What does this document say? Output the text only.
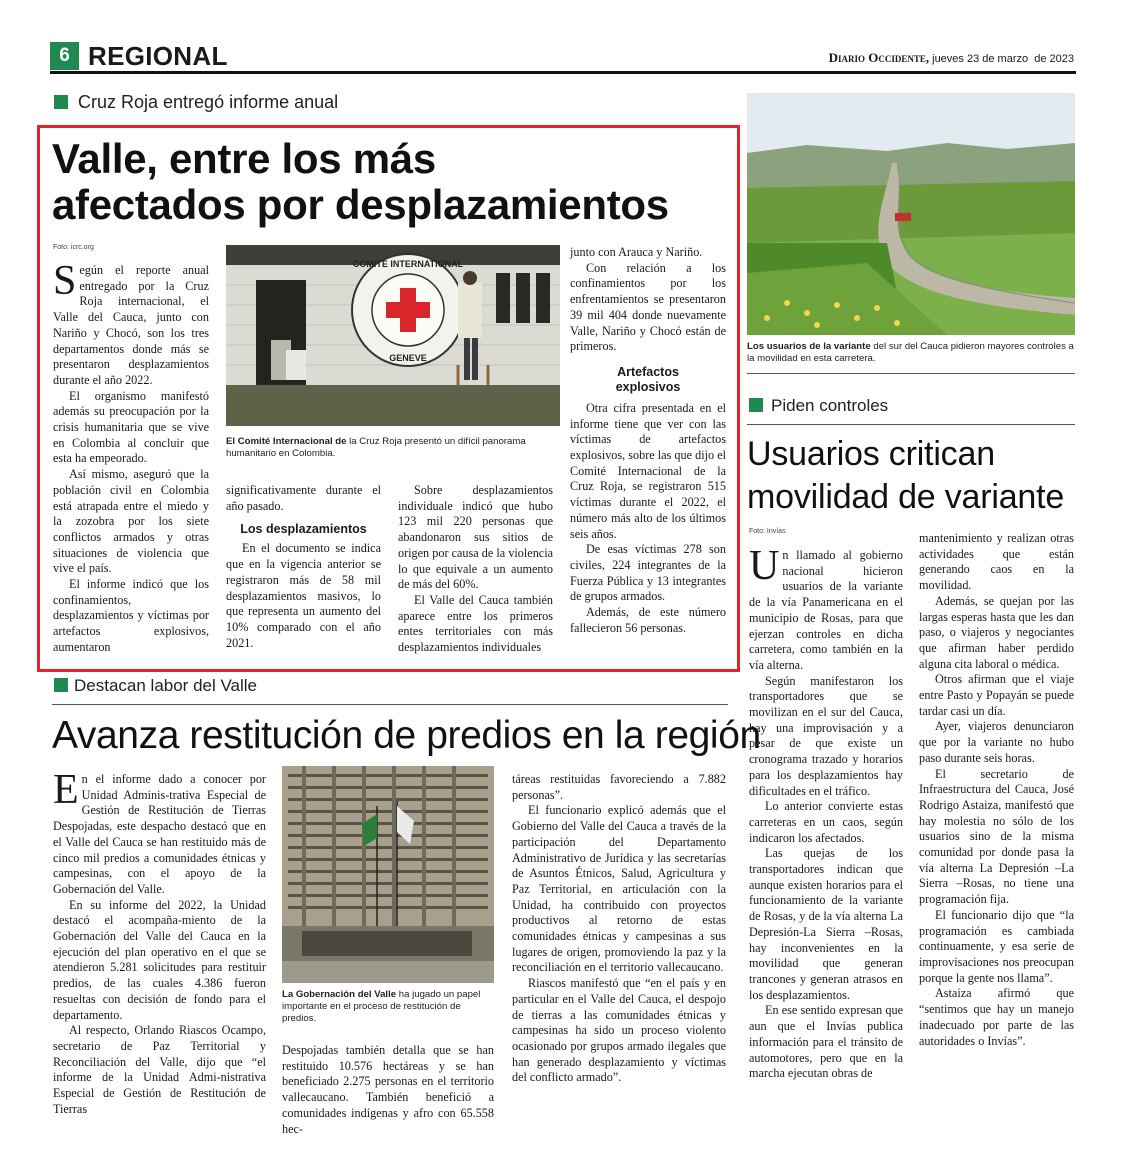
6 REGIONAL	Diario Occidente, jueves 23 de marzo  de 2023
Cruz Roja entregó informe anual
Valle, entre los más
afectados por desplazamientos
Foto: icrc.org
COMITÉ INTERNATIONAL
GENEVE
El Comité Internacional de la Cruz Roja presentó un difícil panorama humanitario en Colombia.

Según el reporte anual entregado por la Cruz Roja internacional, el Valle del Cauca, junto con Nariño y Chocó, son los tres departamentos donde más se presentaron desplazamientos durante el año 2022.

El organismo manifestó además su preocupación por la crisis humanitaria que se vive en Colombia al concluir que esta ha empeorado.

Así mismo, aseguró que la población civil en Colombia está atrapada entre el miedo y la zozobra por los siete conflictos armados y otras situaciones de violencia que vive el país.

El informe indicó que los confinamientos, desplazamientos y víctimas por artefactos explosivos, aumentaron

significativamente durante el año pasado.

Los desplazamientos

En el documento se indica que en la vigencia anterior se registraron más de 58 mil desplazamientos masivos, lo que representa un aumento del 10% comparado con el año 2021.

Sobre desplazamientos individuale indicó que hubo 123 mil 220 personas que abandonaron sus sitios de origen por causa de la violencia lo que equivale a un aumento de más del 60%.

El Valle del Cauca también aparece entre los primeros entes territoriales con más desplazamientos individuales

junto con Arauca y Nariño.

Con relación a los confinamientos por los enfrentamientos se presentaron 39 mil 404 donde nuevamente Valle, Nariño y Chocó están de primeros.

Artefactos
explosivos

Otra cifra presentada en el informe tiene que ver con las víctimas de artefactos explosivos, sobre las que dijo el Comité Internacional de la Cruz Roja, se registraron 515 víctimas durante el 2022, el número más alto de los últimos seis años.

De esas víctimas 278 son civiles, 224 integrantes de la Fuerza Pública y 13 integrantes de grupos armados.

Además, de este número fallecieron 56 personas.

Destacan labor del Valle
Avanza restitución de predios en la región
La Gobernación del Valle ha jugado un papel importante en el proceso de restitución de predios.

En el informe dado a conocer por Unidad Adminis-trativa Especial de Gestión de Restitución de Tierras Despojadas, este despacho destacó que en el Valle del Cauca se han restituido más de cinco mil predios a comunidades étnicas y campesinas, con el apoyo de la Gobernación del Valle.

En su informe del 2022, la Unidad destacó el acompaña-miento de la Gobernación del Valle del Cauca en la ejecución del plan operativo en el que se atendieron 5.281 solicitudes para restituir predios, de las cuales 4.386 fueron resueltas con decisión de fondo para el departamento.

Al respecto, Orlando Riascos Ocampo, secretario de Paz Territorial y Reconciliación del Valle, dijo que “el informe de la Unidad Admi-nistrativa Especial de Gestión de Restitución de Tierras

Despojadas también detalla que se han restituido 10.576 hectáreas y se han beneficiado 2.275 personas en el territorio vallecaucano. También benefició a comunidades indígenas y afro con 65.558 hec-

táreas restituidas favoreciendo a 7.882 personas”.

El funcionario explicó además que el Gobierno del Valle del Cauca a través de la participación del Departamento Administrativo de Jurídica y las secretarías de Asuntos Étnicos, Salud, Agricultura y Paz Territorial, en articulación con la Unidad, ha contribuido con proyectos productivos al retorno de estas comunidades étnicas y campesinas a sus lugares de origen, promoviendo la paz y la reconciliación en el territorio vallecaucano.

Riascos manifestó que “en el país y en particular en el Valle del Cauca, el despojo de tierras a las comunidades étnicas y campesinas ha sido un proceso violento ocasionado por grupos armado ilegales que han generado desplazamiento y víctimas del conflicto armado”.

Los usuarios de la variante del sur del Cauca pidieron mayores controles a la movilidad en esta carretera.
Piden controles
Usuarios critican
movilidad de variante
Foto: Invías

Un llamado al gobierno nacional hicieron usuarios de la variante de la vía Panamericana en el municipio de Rosas, para que ejerzan controles en dicha carretera, como también en la vía alterna.

Según manifestaron los transportadores que se movilizan en el sur del Cauca, hay una improvisación y a pesar de que existe un cronograma trazado y horarios para los desplazamientos hay dificultades en el tráfico.

Lo anterior convierte estas carreteras en un caos, según indicaron los afectados.

Las quejas de los transportadores indican que aunque existen horarios para el funcionamiento de la variante de Rosas, y de la vía alterna La Depresión-La Sierra –Rosas, hay inconvenientes en la movilidad que generan trancones y generan atrasos en los desplazamientos.

En ese sentido expresan que aun que el Invías publica información para el tránsito de automotores, pero que en la marcha ejecutan obras de

mantenimiento y realizan otras actividades que están generando caos en la movilidad.

Además, se quejan por las largas esperas hasta que les dan paso, o viajeros y negociantes que afirman haber perdido alguna cita laboral o médica.

Otros afirman que el viaje entre Pasto y Popayán se puede tardar casi un día.

Ayer, viajeros denunciaron que por la variante no hubo paso durante seis horas.

El secretario de Infraestructura del Cauca, José Rodrigo Astaiza, manifestó que hay molestia no sólo de los usuarios sino de la misma comunidad por donde pasa la vía alterna La Depresión –La Sierra –Rosas, no tiene una programación fija.

El funcionario dijo que “la programación es cambiada continuamente, y esa serie de improvisaciones nos preocupan porque la gente nos llama”.

Astaiza afirmó que “sentimos que hay un manejo inadecuado por parte de las autoridades o Invías”.
